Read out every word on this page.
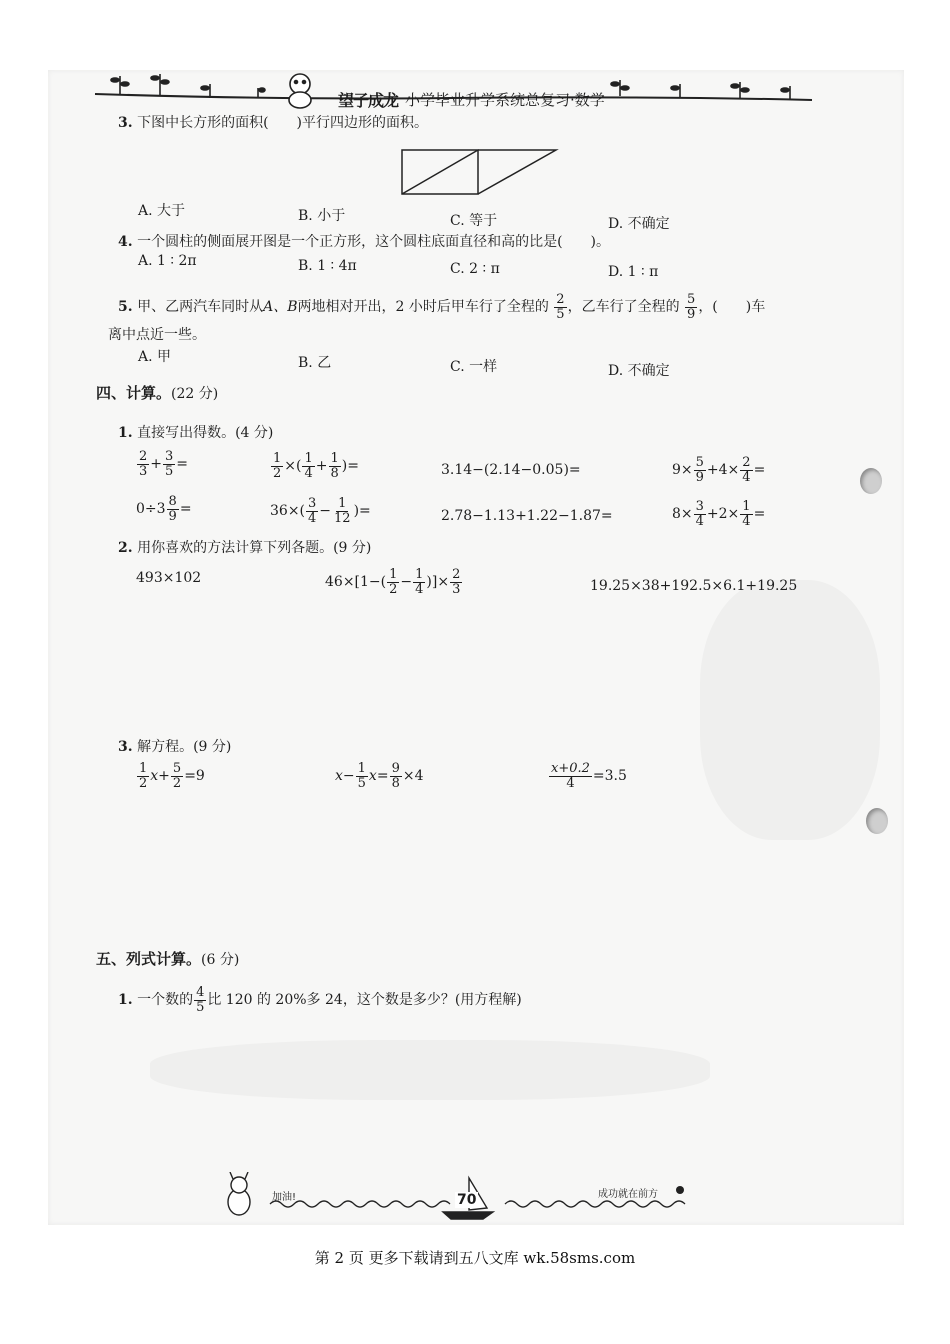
望子成龙 小学毕业升学系统总复习·数学
3. 下图中长方形的面积(　　)平行四边形的面积。
A. 大于	B. 小于	C. 等于	D. 不确定
4. 一个圆柱的侧面展开图是一个正方形，这个圆柱底面直径和高的比是(　　)。
A. 1 ∶ 2π	B. 1 ∶ 4π	C. 2 ∶ π	D. 1 ∶ π
5. 甲、乙两汽车同时从A、B两地相对开出，2 小时后甲车行了全程的 $\frac{2}{5}$ ，乙车行了全程的 $\frac{5}{9}$ ，(　　)车
离中点近一些。
A. 甲	B. 乙	C. 一样	D. 不确定
四、计算。(22 分)
1. 直接写出得数。(4 分)
$\frac{2}{3} + \frac{3}{5}$ =	$\frac{1}{2}$ ×( $\frac{1}{4} + \frac{1}{8}$ )=	3.14−(2.14−0.05)=	$9\times \frac{5}{9} +4\times \frac{2}{4}$ =
$0\div 3 \frac{8}{9}$ =	$36\times( \frac{3}{4} - \frac{1}{12}$ )=	2.78−1.13+1.22−1.87=	$8\times \frac{3}{4} +2\times \frac{1}{4}$ =
2. 用你喜欢的方法计算下列各题。(9 分)
493×102	$46\times[1-( \frac{1}{2} - \frac{1}{4}$ )]× $\frac{2}{3}$	19.25×38+192.5×6.1+19.25
3. 解方程。(9 分)
$\frac{1}{2} x+ \frac{5}{2} =9$	$x- \frac{1}{5} x= \frac{9}{8} \times 4$	$\frac{x+0.2}{4} =3.5$
五、列式计算。(6 分)
1. 一个数的 $\frac{4}{5}$ 比 120 的 20%多 24，这个数是多少？(用方程解)
加油!	70	成功就在前方
第 2 页 更多下载请到五八文库 wk.58sms.com
